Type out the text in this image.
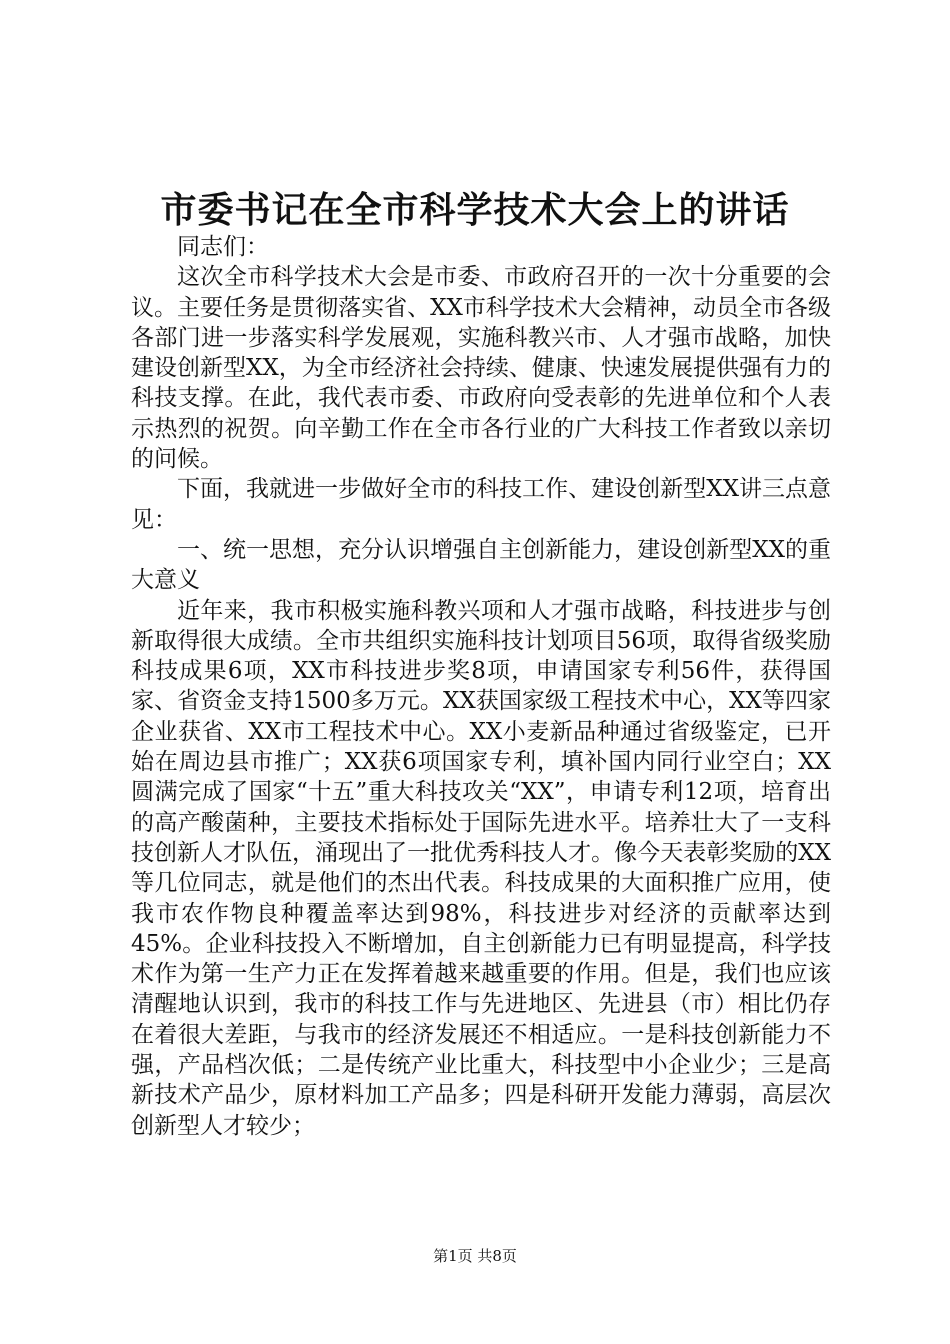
市委书记在全市科学技术大会上的讲话

同志们：

这次全市科学技术大会是市委、市政府召开的一次十分重要的会议。主要任务是贯彻落实省、XX市科学技术大会精神，动员全市各级各部门进一步落实科学发展观，实施科教兴市、人才强市战略，加快建设创新型XX，为全市经济社会持续、健康、快速发展提供强有力的科技支撑。在此，我代表市委、市政府向受表彰的先进单位和个人表示热烈的祝贺。向辛勤工作在全市各行业的广大科技工作者致以亲切的问候。

下面，我就进一步做好全市的科技工作、建设创新型XX讲三点意见：

一、统一思想，充分认识增强自主创新能力，建设创新型XX的重大意义

近年来，我市积极实施科教兴项和人才强市战略，科技进步与创新取得很大成绩。全市共组织实施科技计划项目56项，取得省级奖励科技成果6项，XX市科技进步奖8项，申请国家专利56件，获得国家、省资金支持1500多万元。XX获国家级工程技术中心，XX等四家企业获省、XX市工程技术中心。XX小麦新品种通过省级鉴定，已开始在周边县市推广；XX获6项国家专利，填补国内同行业空白；XX圆满完成了国家“十五”重大科技攻关“XX”，申请专利12项，培育出的高产酸菌种，主要技术指标处于国际先进水平。培养壮大了一支科技创新人才队伍，涌现出了一批优秀科技人才。像今天表彰奖励的XX等几位同志，就是他们的杰出代表。科技成果的大面积推广应用，使我市农作物良种覆盖率达到98%，科技进步对经济的贡献率达到45%。企业科技投入不断增加，自主创新能力已有明显提高，科学技术作为第一生产力正在发挥着越来越重要的作用。但是，我们也应该清醒地认识到，我市的科技工作与先进地区、先进县（市）相比仍存在着很大差距，与我市的经济发展还不相适应。一是科技创新能力不强，产品档次低；二是传统产业比重大，科技型中小企业少；三是高新技术产品少，原材料加工产品多；四是科研开发能力薄弱，高层次创新型人才较少；

第1页 共8页
